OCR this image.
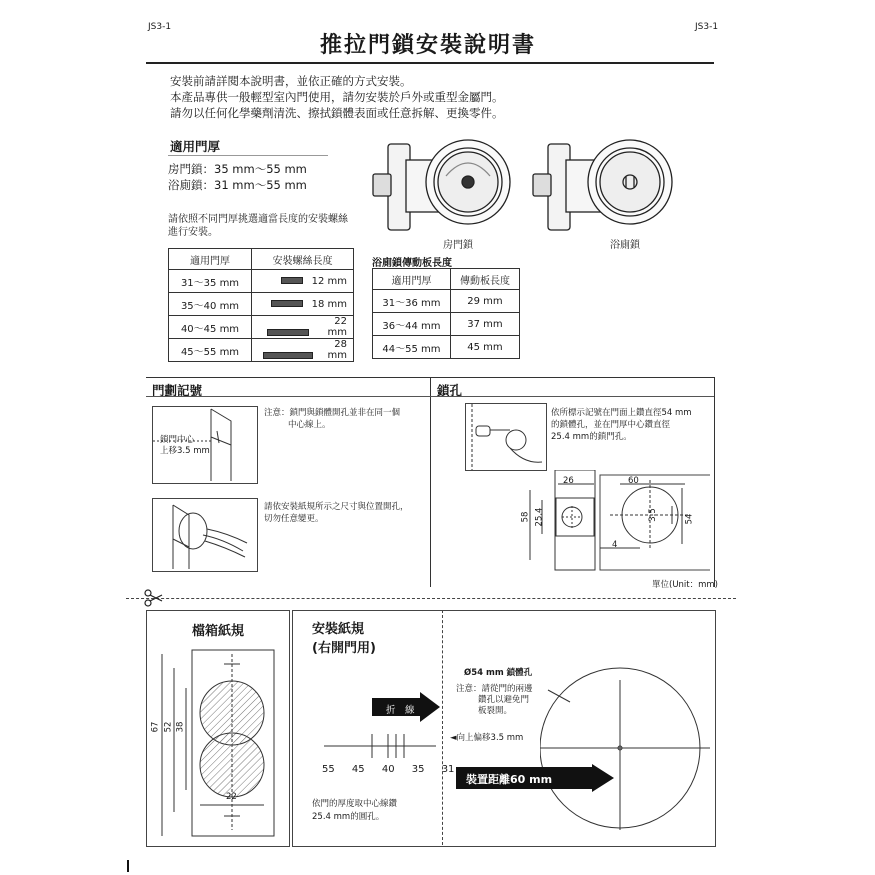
JS3-1	JS3-1
推拉門鎖安裝說明書
安裝前請詳閱本說明書，並依正確的方式安裝。
本產品專供一般輕型室內門使用，請勿安裝於戶外或重型金屬門。
請勿以任何化學藥劑清洗、擦拭鎖體表面或任意拆解、更換零件。
適用門厚
房門鎖：35 mm～55 mm
浴廁鎖：31 mm～55 mm
請依照不同門厚挑選適當長度的安裝螺絲
進行安裝。
房門鎖	浴廁鎖
適用門厚	安裝螺絲長度
31～35 mm	12 mm
35～40 mm	18 mm
40～45 mm	22 mm
45～55 mm	28 mm
浴廁鎖傳動板長度
適用門厚	傳動板長度
31～36 mm	29 mm
36～44 mm	37 mm
44～55 mm	45 mm
門劃記號
鎖門中心
上移3.5 mm
注意：鎖門與鎖體開孔並非在同一個
中心線上。
請依安裝紙規所示之尺寸與位置開孔，
切勿任意變更。
鎖孔
依所標示記號在門面上鑽直徑54 mm
的鎖體孔，並在門厚中心鑽直徑
25.4 mm的鎖門孔。
26	60
58 25.4	3.5	54
4
單位(Unit：mm)
檔箱紙規
67 52 38
22
安裝紙規
(右開門用)
折　線
55 45 40 35 31
依門的厚度取中心線鑽
25.4 mm的圓孔。
Ø54 mm 鎖體孔
注意：請從門的兩邊
鑽孔以避免門
板裂開。
◄向上偏移3.5 mm
裝置距離60 mm
